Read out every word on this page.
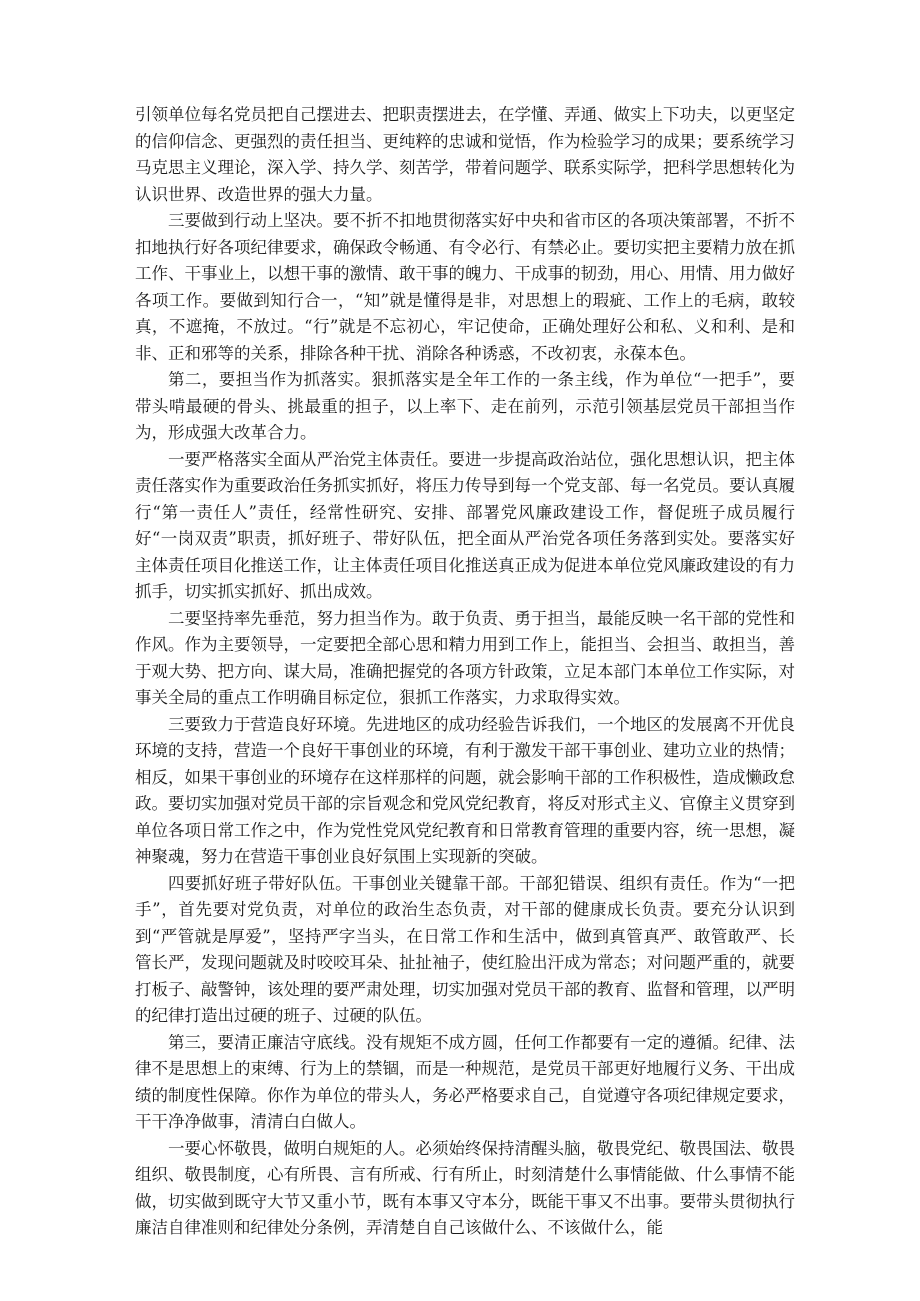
引领单位每名党员把自己摆进去、把职责摆进去，在学懂、弄通、做实上下功夫，以更坚定的信仰信念、更强烈的责任担当、更纯粹的忠诚和觉悟，作为检验学习的成果；要系统学习马克思主义理论，深入学、持久学、刻苦学，带着问题学、联系实际学，把科学思想转化为认识世界、改造世界的强大力量。

三要做到行动上坚决。要不折不扣地贯彻落实好中央和省市区的各项决策部署，不折不扣地执行好各项纪律要求，确保政令畅通、有令必行、有禁必止。要切实把主要精力放在抓工作、干事业上，以想干事的激情、敢干事的魄力、干成事的韧劲，用心、用情、用力做好各项工作。要做到知行合一，“知”就是懂得是非，对思想上的瑕疵、工作上的毛病，敢较真，不遮掩，不放过。“行”就是不忘初心，牢记使命，正确处理好公和私、义和利、是和非、正和邪等的关系，排除各种干扰、消除各种诱惑，不改初衷，永葆本色。

第二，要担当作为抓落实。狠抓落实是全年工作的一条主线，作为单位“一把手”，要带头啃最硬的骨头、挑最重的担子，以上率下、走在前列，示范引领基层党员干部担当作为，形成强大改革合力。

一要严格落实全面从严治党主体责任。要进一步提高政治站位，强化思想认识，把主体责任落实作为重要政治任务抓实抓好，将压力传导到每一个党支部、每一名党员。要认真履行“第一责任人”责任，经常性研究、安排、部署党风廉政建设工作，督促班子成员履行好“一岗双责”职责，抓好班子、带好队伍，把全面从严治党各项任务落到实处。要落实好主体责任项目化推送工作，让主体责任项目化推送真正成为促进本单位党风廉政建设的有力抓手，切实抓实抓好、抓出成效。

二要坚持率先垂范，努力担当作为。敢于负责、勇于担当，最能反映一名干部的党性和作风。作为主要领导，一定要把全部心思和精力用到工作上，能担当、会担当、敢担当，善于观大势、把方向、谋大局，准确把握党的各项方针政策，立足本部门本单位工作实际，对事关全局的重点工作明确目标定位，狠抓工作落实，力求取得实效。

三要致力于营造良好环境。先进地区的成功经验告诉我们，一个地区的发展离不开优良环境的支持，营造一个良好干事创业的环境，有利于激发干部干事创业、建功立业的热情；相反，如果干事创业的环境存在这样那样的问题，就会影响干部的工作积极性，造成懒政怠政。要切实加强对党员干部的宗旨观念和党风党纪教育，将反对形式主义、官僚主义贯穿到单位各项日常工作之中，作为党性党风党纪教育和日常教育管理的重要内容，统一思想，凝神聚魂，努力在营造干事创业良好氛围上实现新的突破。

四要抓好班子带好队伍。干事创业关键靠干部。干部犯错误、组织有责任。作为“一把手”，首先要对党负责，对单位的政治生态负责，对干部的健康成长负责。要充分认识到到“严管就是厚爱”，坚持严字当头，在日常工作和生活中，做到真管真严、敢管敢严、长管长严，发现问题就及时咬咬耳朵、扯扯袖子，使红脸出汗成为常态；对问题严重的，就要打板子、敲警钟，该处理的要严肃处理，切实加强对党员干部的教育、监督和管理，以严明的纪律打造出过硬的班子、过硬的队伍。

第三，要清正廉洁守底线。没有规矩不成方圆，任何工作都要有一定的遵循。纪律、法律不是思想上的束缚、行为上的禁锢，而是一种规范，是党员干部更好地履行义务、干出成绩的制度性保障。你作为单位的带头人，务必严格要求自己，自觉遵守各项纪律规定要求，干干净净做事，清清白白做人。

一要心怀敬畏，做明白规矩的人。必须始终保持清醒头脑，敬畏党纪、敬畏国法、敬畏组织、敬畏制度，心有所畏、言有所戒、行有所止，时刻清楚什么事情能做、什么事情不能做，切实做到既守大节又重小节，既有本事又守本分，既能干事又不出事。要带头贯彻执行廉洁自律准则和纪律处分条例，弄清楚自自己该做什么、不该做什么，能
